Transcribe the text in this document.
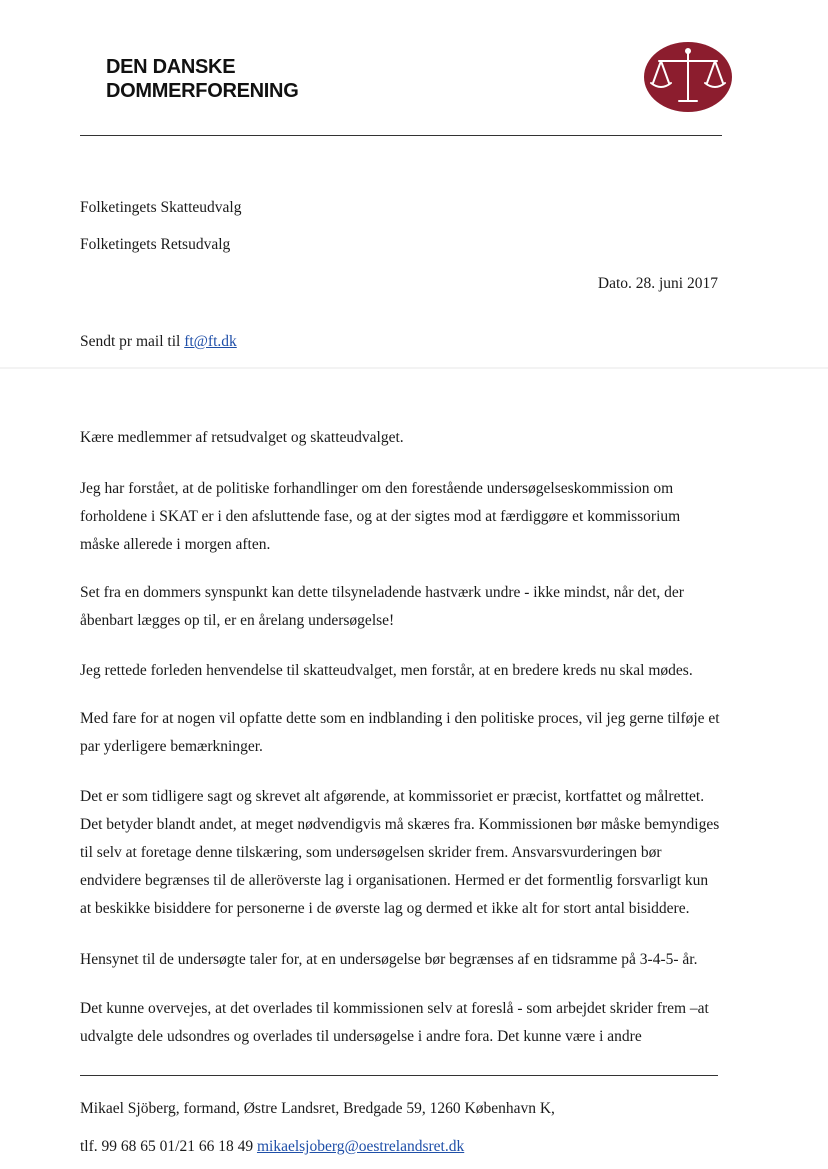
DEN DANSKE
DOMMERFORENING

Folketingets Skatteudvalg

Folketingets Retsudvalg

Dato. 28. juni 2017

Sendt pr mail til ft@ft.dk

Kære medlemmer af retsudvalget og skatteudvalget.

Jeg har forstået, at de politiske forhandlinger om den forestående undersøgelseskommission om
forholdene i SKAT er i den afsluttende fase, og at der sigtes mod at færdiggøre et kommissorium
måske allerede i morgen aften.

Set fra en dommers synspunkt kan dette tilsyneladende hastværk undre - ikke mindst, når det, der
åbenbart lægges op til, er en årelang undersøgelse!

Jeg rettede forleden henvendelse til skatteudvalget, men forstår, at en bredere kreds nu skal mødes.

Med fare for at nogen vil opfatte dette som en indblanding i den politiske proces, vil jeg gerne tilføje et
par yderligere bemærkninger.

Det er som tidligere sagt og skrevet alt afgørende, at kommissoriet er præcist, kortfattet og målrettet.
Det betyder blandt andet, at meget nødvendigvis må skæres fra. Kommissionen bør måske bemyndiges
til selv at foretage denne tilskæring, som undersøgelsen skrider frem. Ansvarsvurderingen bør
endvidere begrænses til de alleröverste lag i organisationen. Hermed er det formentlig forsvarligt kun
at beskikke bisiddere for personerne i de øverste lag og dermed et ikke alt for stort antal bisiddere.

Hensynet til de undersøgte taler for, at en undersøgelse bør begrænses af en tidsramme på 3-4-5- år.

Det kunne overvejes, at det overlades til kommissionen selv at foreslå - som arbejdet skrider frem –at
udvalgte dele udsondres og overlades til undersøgelse i andre fora. Det kunne være i andre

Mikael Sjöberg, formand, Østre Landsret, Bredgade 59, 1260 København K,

tlf. 99 68 65 01/21 66 18 49 mikaelsjoberg@oestrelandsret.dk
